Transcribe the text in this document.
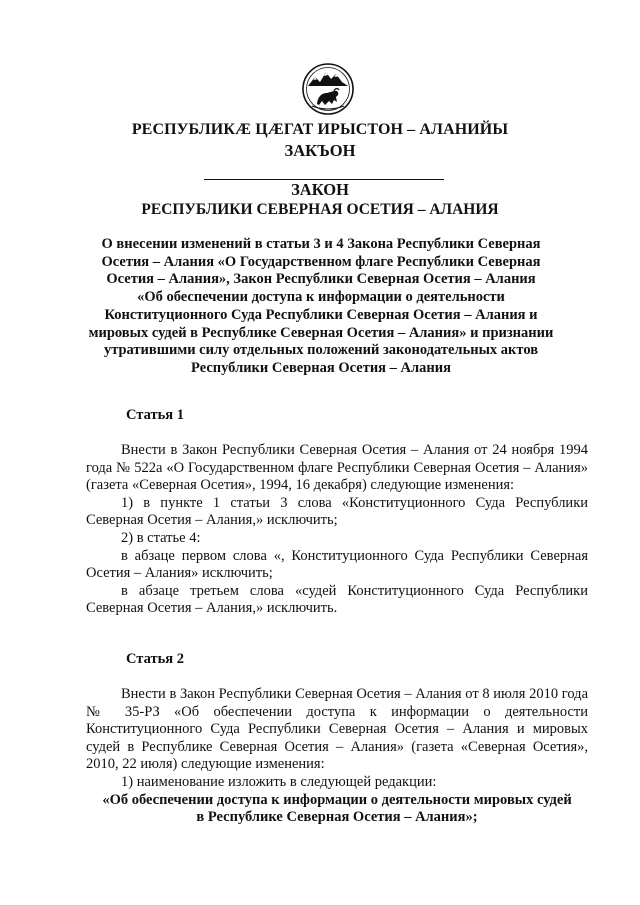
РЕСПУБЛИКÆ ЦÆГАТ ИРЫСТОН – АЛАНИЙЫ
ЗАКЪОН
ЗАКОН
РЕСПУБЛИКИ СЕВЕРНАЯ ОСЕТИЯ – АЛАНИЯ
О внесении изменений в статьи 3 и 4 Закона Республики Северная
Осетия – Алания «О Государственном флаге Республики Северная
Осетия – Алания», Закон Республики Северная Осетия – Алания
«Об обеспечении доступа к информации о деятельности
Конституционного Суда Республики Северная Осетия – Алания и
мировых судей в Республике Северная Осетия – Алания» и признании
утратившими силу отдельных положений законодательных актов
Республики Северная Осетия – Алания
Статья 1

Внести в Закон Республики Северная Осетия – Алания от 24 ноября 1994 года № 522а «О Государственном флаге Республики Северная Осетия – Алания» (газета «Северная Осетия», 1994, 16 декабря) следующие изменения:

1) в пункте 1 статьи 3 слова «Конституционного Суда Республики Северная Осетия – Алания,» исключить;

2) в статье 4:

в абзаце первом слова «, Конституционного Суда Республики Северная Осетия – Алания» исключить;

в абзаце третьем слова «судей Конституционного Суда Республики Северная Осетия – Алания,» исключить.

Статья 2

Внести в Закон Республики Северная Осетия – Алания от 8 июля 2010 года № 35-РЗ «Об обеспечении доступа к информации о деятельности Конституционного Суда Республики Северная Осетия – Алания и мировых судей в Республике Северная Осетия – Алания» (газета «Северная Осетия», 2010, 22 июля) следующие изменения:

1) наименование изложить в следующей редакции:

«Об обеспечении доступа к информации о деятельности мировых судей
в Республике Северная Осетия – Алания»;
